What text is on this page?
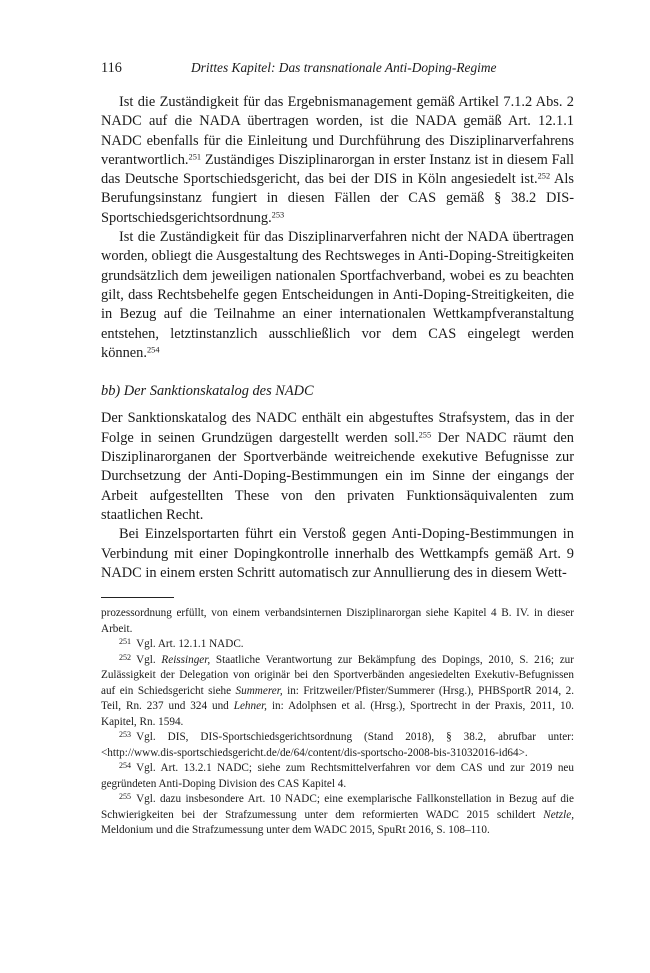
116	Drittes Kapitel: Das transnationale Anti-Doping-Regime

Ist die Zuständigkeit für das Ergebnismanagement gemäß Artikel 7.1.2 Abs. 2 NADC auf die NADA übertragen worden, ist die NADA gemäß Art. 12.1.1 NADC ebenfalls für die Einleitung und Durchführung des Disziplinarverfahrens verantwortlich.$^{251}$ Zuständiges Disziplinarorgan in erster Instanz ist in diesem Fall das Deutsche Sportschiedsgericht, das bei der DIS in Köln angesiedelt ist.$^{252}$ Als Berufungsinstanz fungiert in diesen Fällen der CAS gemäß § 38.2 DIS-Sportschiedsgerichtsordnung.$^{253}$

Ist die Zuständigkeit für das Disziplinarverfahren nicht der NADA übertragen worden, obliegt die Ausgestaltung des Rechtsweges in Anti-Doping-Streitigkeiten grundsätzlich dem jeweiligen nationalen Sportfachverband, wobei es zu beachten gilt, dass Rechtsbehelfe gegen Entscheidungen in Anti-Doping-Streitigkeiten, die in Bezug auf die Teilnahme an einer internationalen Wettkampfveranstaltung entstehen, letztinstanzlich ausschließlich vor dem CAS eingelegt werden können.$^{254}$

bb) Der Sanktionskatalog des NADC

Der Sanktionskatalog des NADC enthält ein abgestuftes Strafsystem, das in der Folge in seinen Grundzügen dargestellt werden soll.$^{255}$ Der NADC räumt den Disziplinarorganen der Sportverbände weitreichende exekutive Befugnisse zur Durchsetzung der Anti-Doping-Bestimmungen ein im Sinne der eingangs der Arbeit aufgestellten These von den privaten Funktionsäquivalenten zum staatlichen Recht.

Bei Einzelsportarten führt ein Verstoß gegen Anti-Doping-Bestimmungen in Verbindung mit einer Dopingkontrolle innerhalb des Wettkampfs gemäß Art. 9 NADC in einem ersten Schritt automatisch zur Annullierung des in diesem Wett-

prozessordnung erfüllt, von einem verbandsinternen Disziplinarorgan siehe Kapitel 4 B. IV. in dieser Arbeit.

$^{251}$ Vgl. Art. 12.1.1 NADC.

$^{252}$ Vgl. Reissinger, Staatliche Verantwortung zur Bekämpfung des Dopings, 2010, S. 216; zur Zulässigkeit der Delegation von originär bei den Sportverbänden angesiedelten Exekutiv-Befugnissen auf ein Schiedsgericht siehe Summerer, in: Fritzweiler/Pfister/Summerer (Hrsg.), PHBSportR 2014, 2. Teil, Rn. 237 und 324 und Lehner, in: Adolphsen et al. (Hrsg.), Sportrecht in der Praxis, 2011, 10. Kapitel, Rn. 1594.

$^{253}$ Vgl. DIS, DIS-Sportschiedsgerichtsordnung (Stand 2018), § 38.2, abrufbar unter: <http://www.dis-sportschiedsgericht.de/de/64/content/dis-sportscho-2008-bis-31032016-id64>.

$^{254}$ Vgl. Art. 13.2.1 NADC; siehe zum Rechtsmittelverfahren vor dem CAS und zur 2019 neu gegründeten Anti-Doping Division des CAS Kapitel 4.

$^{255}$ Vgl. dazu insbesondere Art. 10 NADC; eine exemplarische Fallkonstellation in Bezug auf die Schwierigkeiten bei der Strafzumessung unter dem reformierten WADC 2015 schildert Netzle, Meldonium und die Strafzumessung unter dem WADC 2015, SpuRt 2016, S. 108–110.
